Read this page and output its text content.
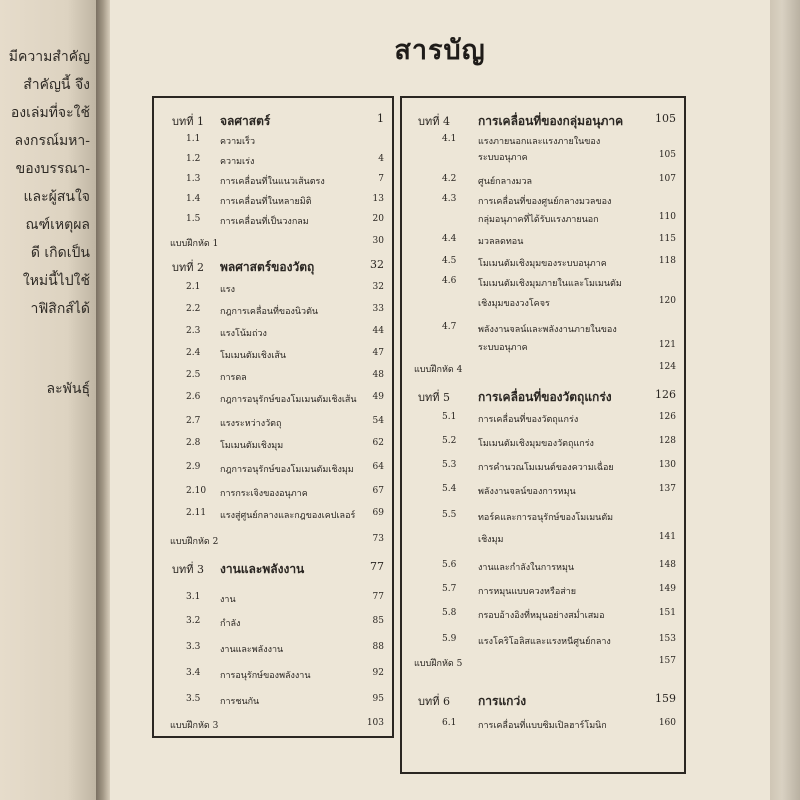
มีความสำคัญ
สำคัญนี้ จึง
องเล่มที่จะใช้
ลงกรณ์มหา-
ของบรรณา-
และผู้สนใจ
ณฑ์เหตุผล
ดี เกิดเป็น
ใหม่นี้ไปใช้
าฟิสิกส์ได้
ละพันธุ์
สารบัญ
บทที่ 1 จลศาสตร์	1
1.1 ความเร็ว
1.2 ความเร่ง	4
1.3 การเคลื่อนที่ในแนวเส้นตรง	7
1.4 การเคลื่อนที่ในหลายมิติ	13
1.5 การเคลื่อนที่เป็นวงกลม	20
แบบฝึกหัด 1	30
บทที่ 2 พลศาสตร์ของวัตถุ	32
2.1 แรง	32
2.2 กฎการเคลื่อนที่ของนิวตัน	33
2.3 แรงโน้มถ่วง	44
2.4 โมเมนตัมเชิงเส้น	47
2.5 การดล	48
2.6 กฎการอนุรักษ์ของโมเมนตัมเชิงเส้น 49
2.7 แรงระหว่างวัตถุ	54
2.8 โมเมนตัมเชิงมุม	62
2.9 กฎการอนุรักษ์ของโมเมนตัมเชิงมุม 64
2.10 การกระเจิงของอนุภาค	67
2.11 แรงสู่ศูนย์กลางและกฎของเคปเลอร์ 69
แบบฝึกหัด 2	73
บทที่ 3 งานและพลังงาน	77
3.1 งาน	77
3.2 กำลัง	85
3.3 งานและพลังงาน	88
3.4 การอนุรักษ์ของพลังงาน	92
3.5 การชนกัน	95
แบบฝึกหัด 3	103
บทที่ 4 การเคลื่อนที่ของกลุ่มอนุภาค	105
4.1 แรงภายนอกและแรงภายในของ
ระบบอนุภาค	105
4.2 ศูนย์กลางมวล	107
4.3 การเคลื่อนที่ของศูนย์กลางมวลของ
กลุ่มอนุภาคที่ได้รับแรงภายนอก	110
4.4 มวลลดทอน	115
4.5 โมเมนตัมเชิงมุมของระบบอนุภาค	118
4.6 โมเมนตัมเชิงมุมภายในและโมเมนตัม
เชิงมุมของวงโคจร	120
4.7 พลังงานจลน์และพลังงานภายในของ
ระบบอนุภาค	121
แบบฝึกหัด 4	124
บทที่ 5 การเคลื่อนที่ของวัตถุแกร่ง	126
5.1 การเคลื่อนที่ของวัตถุแกร่ง	126
5.2 โมเมนตัมเชิงมุมของวัตถุแกร่ง	128
5.3 การคำนวณโมเมนต์ของความเฉื่อย	130
5.4 พลังงานจลน์ของการหมุน	137
5.5 ทอร์คและการอนุรักษ์ของโมเมนตัม
เชิงมุม	141
5.6 งานและกำลังในการหมุน	148
5.7 การหมุนแบบควงหรือส่าย	149
5.8 กรอบอ้างอิงที่หมุนอย่างสม่ำเสมอ	151
5.9 แรงโคริโอลิสและแรงหนีศูนย์กลาง	153
แบบฝึกหัด 5	157
บทที่ 6 การแกว่ง	159
6.1 การเคลื่อนที่แบบซิมเปิลฮาร์โมนิก	160
